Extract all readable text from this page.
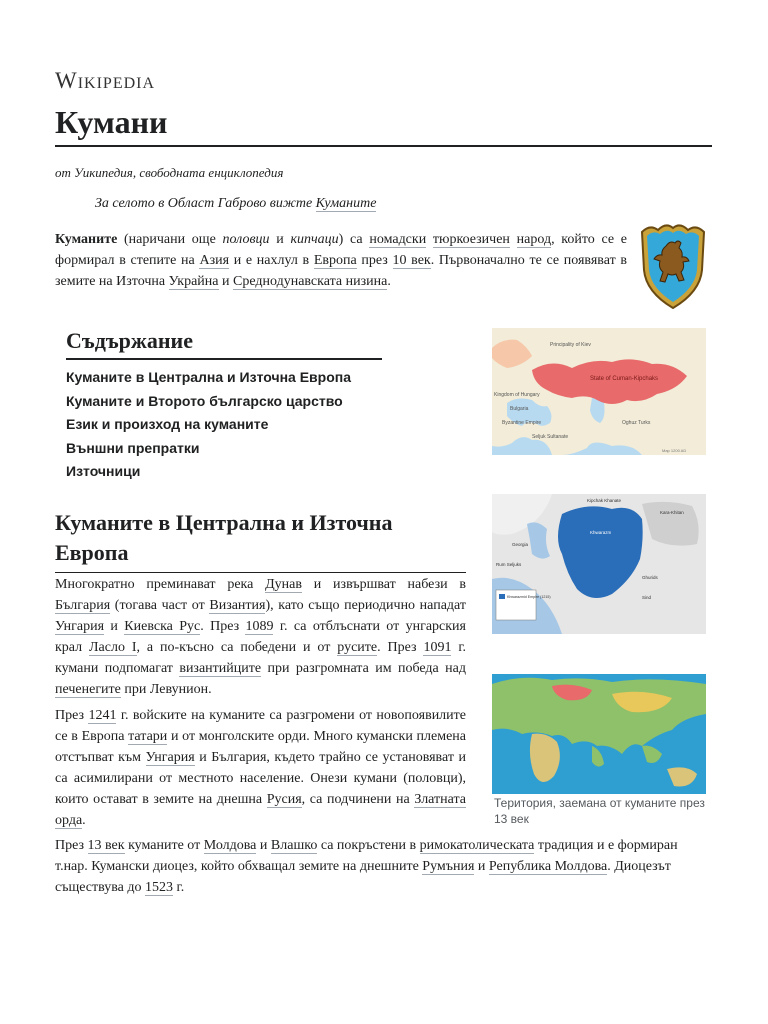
Wikipedia
Кумани
от Уикипедия, свободната енциклопедия
За селото в Област Габрово вижте Куманите
Куманите (наричани още половци и кипчаци) са номадски тюркоезичен народ, който се е формирал в степите на Азия и е нахлул в Европа през 10 век. Първоначално те се появяват в земите на Източна Украйна и Среднодунавската низина.
Съдържание
Куманите в Централна и Източна Европа
Куманите и Второто българско царство
Език и произход на куманите
Външни препратки
Източници
Куманите в Централна и Източна Европа
Многократно преминават река Дунав и извършват набези в България (тогава част от Византия), като също периодично нападат Унгария и Киевска Рус. През 1089 г. са отблъснати от унгарския крал Ласло I, а по-късно са победени и от русите. През 1091 г. кумани подпомагат византийците при разгромната им победа над печенегите при Левунион.
През 1241 г. войските на куманите са разгромени от новопоявилите се в Европа татари и от монголските орди. Много кумански племена отстъпват към Унгария и България, където трайно се установяват и са асимилирани от местното население. Онези кумани (половци), които остават в земите на днешна Русия, са подчинени на Златната орда.
През 13 век куманите от Молдова и Влашко са покръстени в римокатолическата традиция и е формиран т.нар. Кумански диоцез, който обхващал земите на днешните Румъния и Република Молдова. Диоцезът съществува до 1523 г.
Principality of Kiev
State of Cuman-Kipchaks
Kingdom of Hungary
Bulgaria
Byzantine Empire
Seljuk Sultanate
Oghuz Turks
Map 1200 AD
Khwarazmid Empire (1215)
Kipchak Khanate
Kara-Khitan
Rum Seljuks
Georgia
Khwarazm
Sind
Ghurids
Територия, заемана от куманите през 13 век
